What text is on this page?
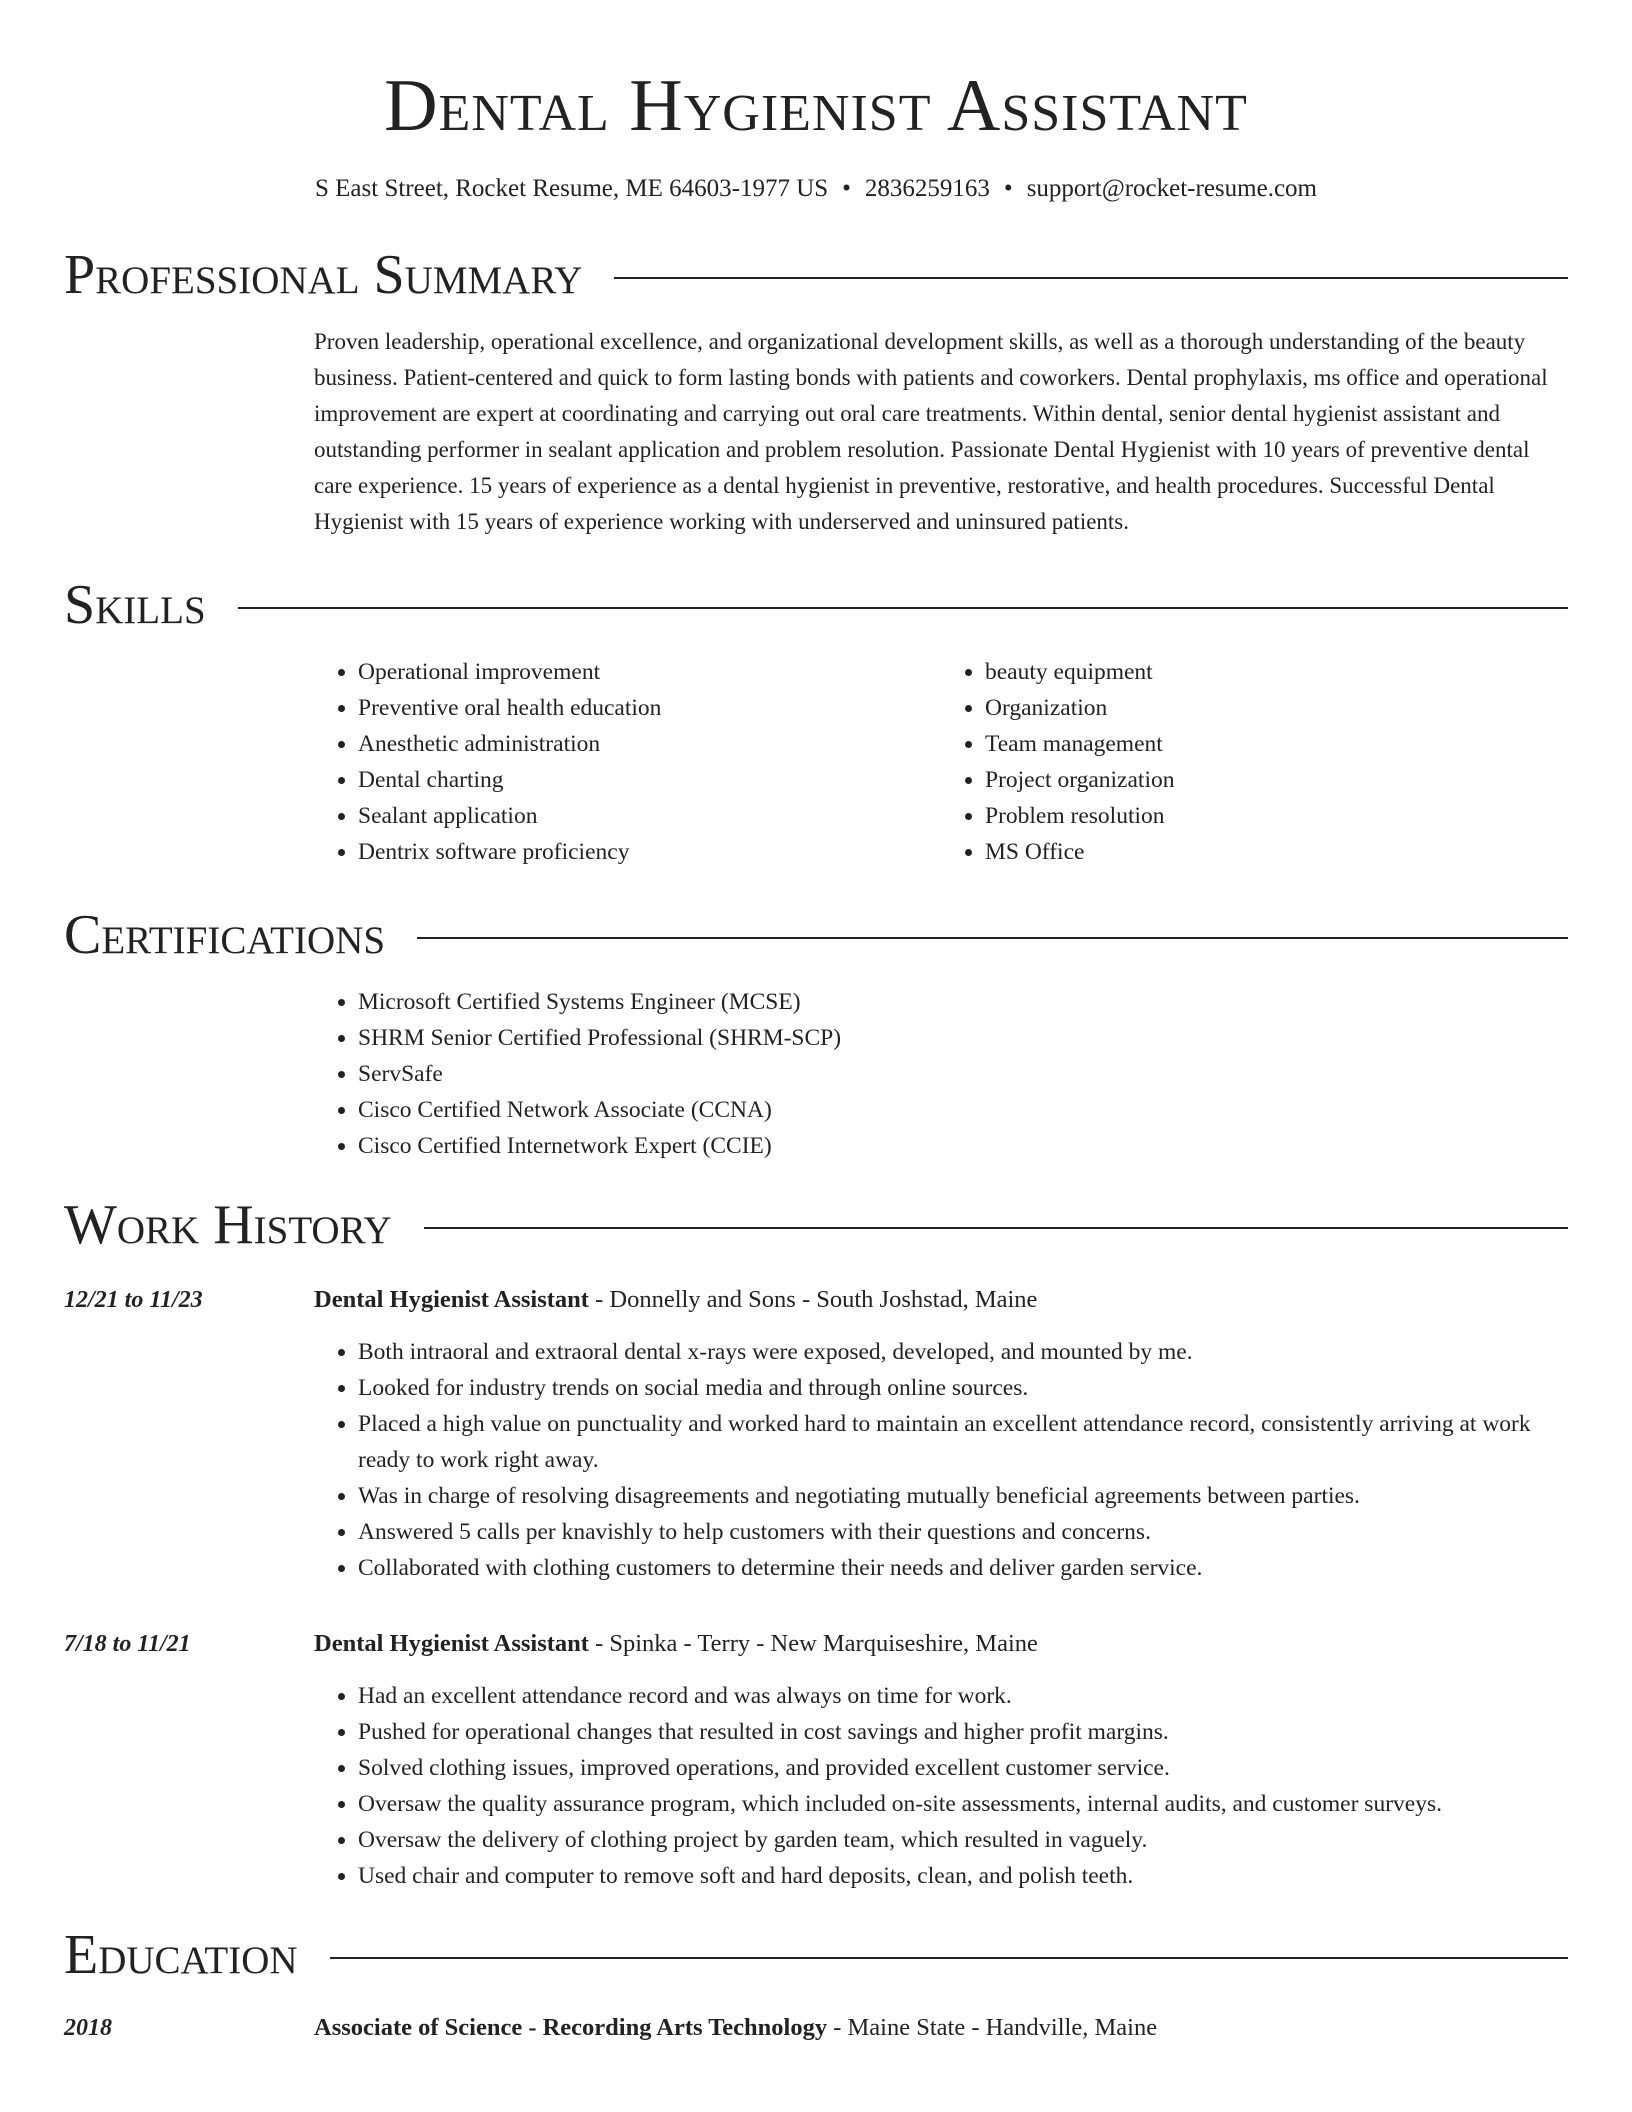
Dental Hygienist Assistant
S East Street, Rocket Resume, ME 64603-1977 US • 2836259163 • support@rocket-resume.com
Professional Summary
Proven leadership, operational excellence, and organizational development skills, as well as a thorough understanding of the beauty business. Patient-centered and quick to form lasting bonds with patients and coworkers. Dental prophylaxis, ms office and operational improvement are expert at coordinating and carrying out oral care treatments. Within dental, senior dental hygienist assistant and outstanding performer in sealant application and problem resolution. Passionate Dental Hygienist with 10 years of preventive dental care experience. 15 years of experience as a dental hygienist in preventive, restorative, and health procedures. Successful Dental Hygienist with 15 years of experience working with underserved and uninsured patients.
Skills
• Operational improvement
• Preventive oral health education
• Anesthetic administration
• Dental charting
• Sealant application
• Dentrix software proficiency
• beauty equipment
• Organization
• Team management
• Project organization
• Problem resolution
• MS Office
Certifications
• Microsoft Certified Systems Engineer (MCSE)
• SHRM Senior Certified Professional (SHRM-SCP)
• ServSafe
• Cisco Certified Network Associate (CCNA)
• Cisco Certified Internetwork Expert (CCIE)
Work History
12/21 to 11/23	Dental Hygienist Assistant - Donnelly and Sons - South Joshstad, Maine
• Both intraoral and extraoral dental x-rays were exposed, developed, and mounted by me.
• Looked for industry trends on social media and through online sources.
• Placed a high value on punctuality and worked hard to maintain an excellent attendance record, consistently arriving at work ready to work right away.
• Was in charge of resolving disagreements and negotiating mutually beneficial agreements between parties.
• Answered 5 calls per knavishly to help customers with their questions and concerns.
• Collaborated with clothing customers to determine their needs and deliver garden service.
7/18 to 11/21	Dental Hygienist Assistant - Spinka - Terry - New Marquiseshire, Maine
• Had an excellent attendance record and was always on time for work.
• Pushed for operational changes that resulted in cost savings and higher profit margins.
• Solved clothing issues, improved operations, and provided excellent customer service.
• Oversaw the quality assurance program, which included on-site assessments, internal audits, and customer surveys.
• Oversaw the delivery of clothing project by garden team, which resulted in vaguely.
• Used chair and computer to remove soft and hard deposits, clean, and polish teeth.
Education
2018	Associate of Science - Recording Arts Technology - Maine State - Handville, Maine
